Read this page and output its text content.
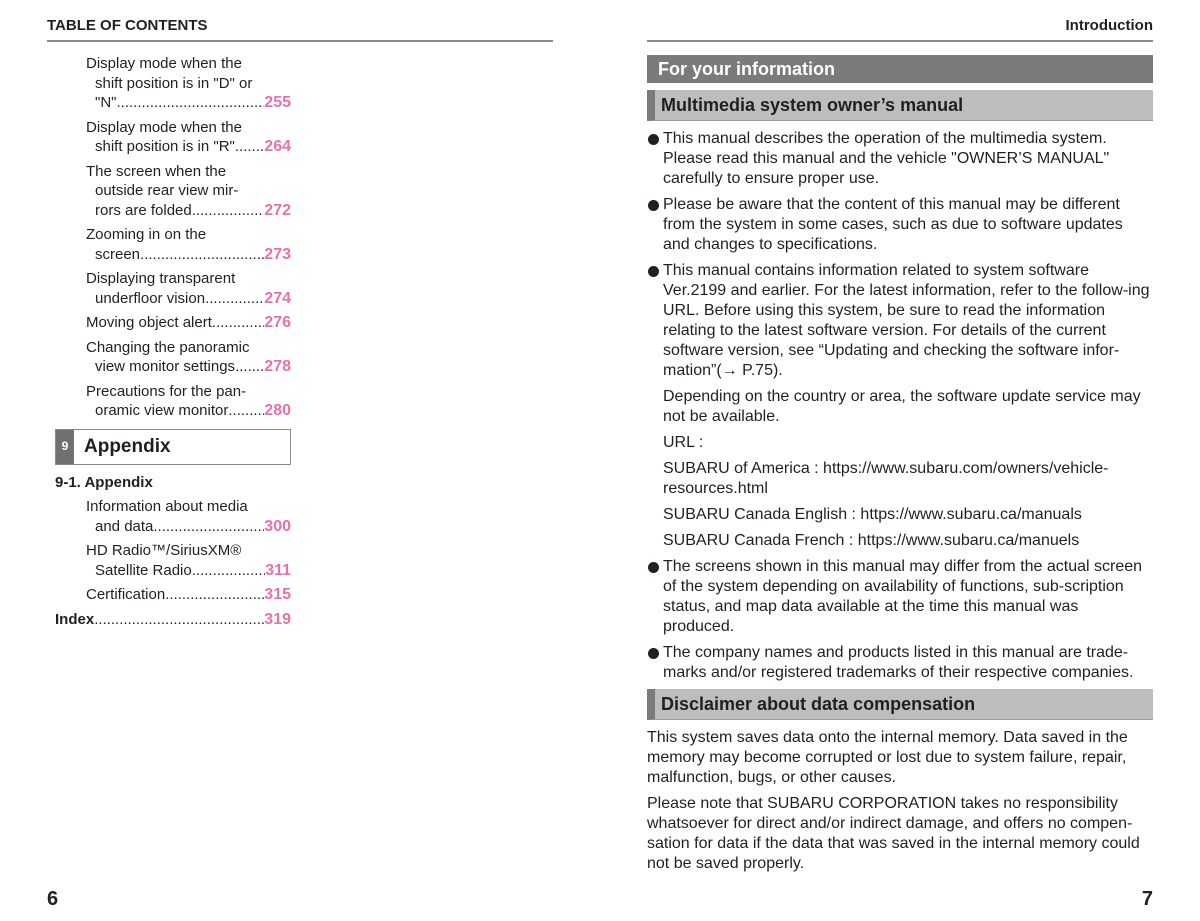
TABLE OF CONTENTS
Display mode when the
shift position is in "D" or
"N" .....	255
Display mode when the
shift position is in "R" ..... 264
The screen when the
outside rear view mir-
rors are folded .....	272
Zooming in on the
screen .....	273
Displaying transparent
underfloor vision .....	274
Moving object alert .....	276
Changing the panoramic
view monitor settings ..... 278
Precautions for the pan-
oramic view monitor ..... 280
9 Appendix
9-1. Appendix
Information about media
and data .....	300
HD Radio™/SiriusXM®
Satellite Radio .....	311
Certification .....	315
Index .....	319
6
Introduction
For your information
Multimedia system owner’s manual
This manual describes the operation of the multimedia system. Please read this manual and the vehicle "OWNER’S MANUAL" carefully to ensure proper use.
Please be aware that the content of this manual may be different from the system in some cases, such as due to software updates and changes to specifications.
This manual contains information related to system software Ver.2199 and earlier. For the latest information, refer to the follow-ing URL. Before using this system, be sure to read the information relating to the latest software version. For details of the current software version, see “Updating and checking the software infor-mation”(→ P.75).
Depending on the country or area, the software update service may not be available.
URL :
SUBARU of America : https://www.subaru.com/owners/vehicle-resources.html
SUBARU Canada English : https://www.subaru.ca/manuals
SUBARU Canada French : https://www.subaru.ca/manuels
The screens shown in this manual may differ from the actual screen of the system depending on availability of functions, sub-scription status, and map data available at the time this manual was produced.
The company names and products listed in this manual are trade-marks and/or registered trademarks of their respective companies.
Disclaimer about data compensation
This system saves data onto the internal memory. Data saved in the memory may become corrupted or lost due to system failure, repair, malfunction, bugs, or other causes.
Please note that SUBARU CORPORATION takes no responsibility whatsoever for direct and/or indirect damage, and offers no compen-sation for data if the data that was saved in the internal memory could not be saved properly.
7
